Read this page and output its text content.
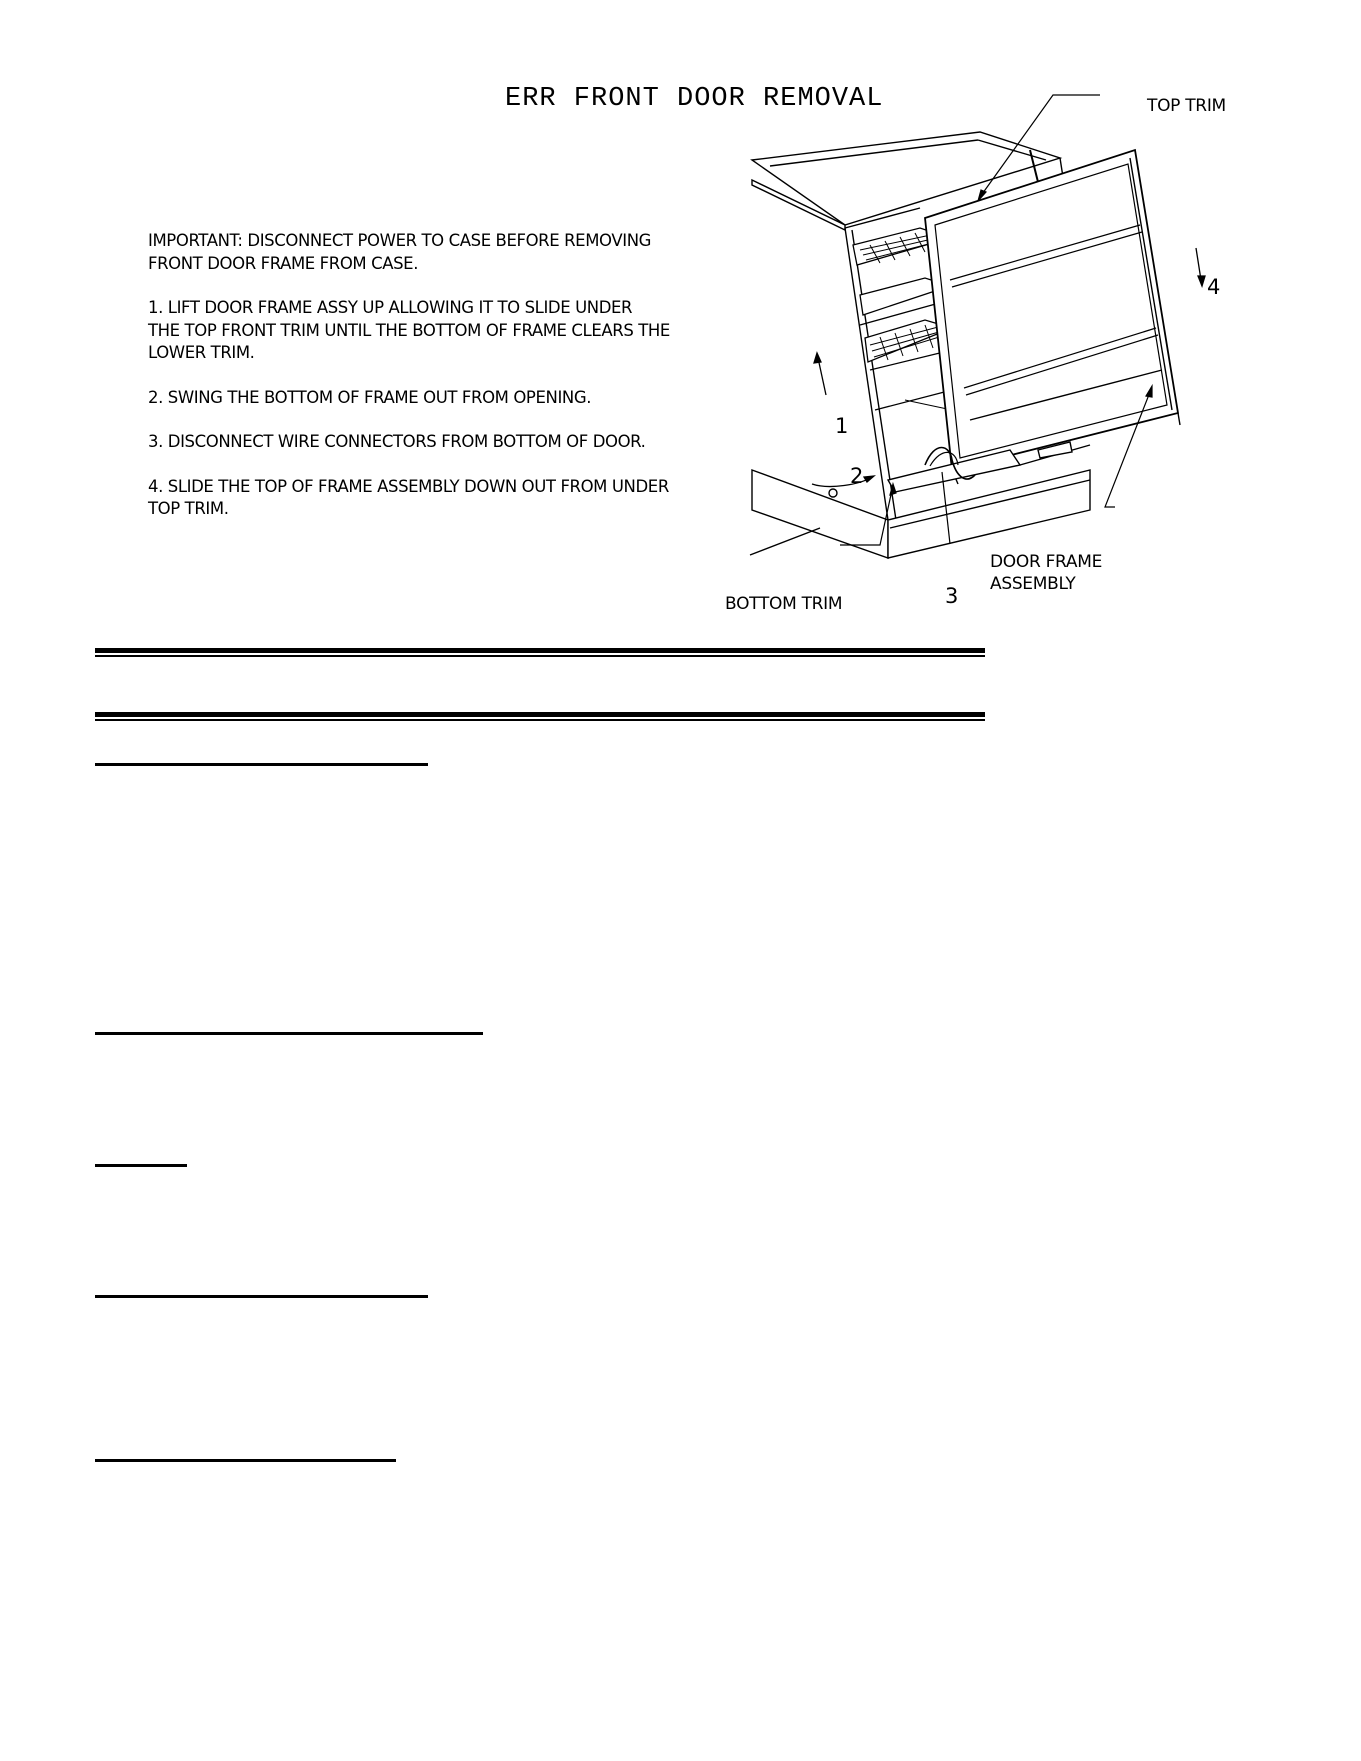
ERR FRONT DOOR REMOVAL

IMPORTANT: DISCONNECT POWER TO CASE BEFORE REMOVING
FRONT DOOR FRAME FROM CASE.

1. LIFT DOOR FRAME ASSY UP ALLOWING IT TO SLIDE UNDER
THE TOP FRONT TRIM UNTIL THE BOTTOM OF FRAME CLEARS THE
LOWER TRIM.

2. SWING THE BOTTOM OF FRAME OUT FROM OPENING.

3. DISCONNECT WIRE CONNECTORS FROM BOTTOM OF DOOR.

4. SLIDE THE TOP OF FRAME ASSEMBLY DOWN OUT FROM UNDER
TOP TRIM.

TOP TRIM
BOTTOM TRIM
DOOR FRAME
ASSEMBLY
1
2
3
4
